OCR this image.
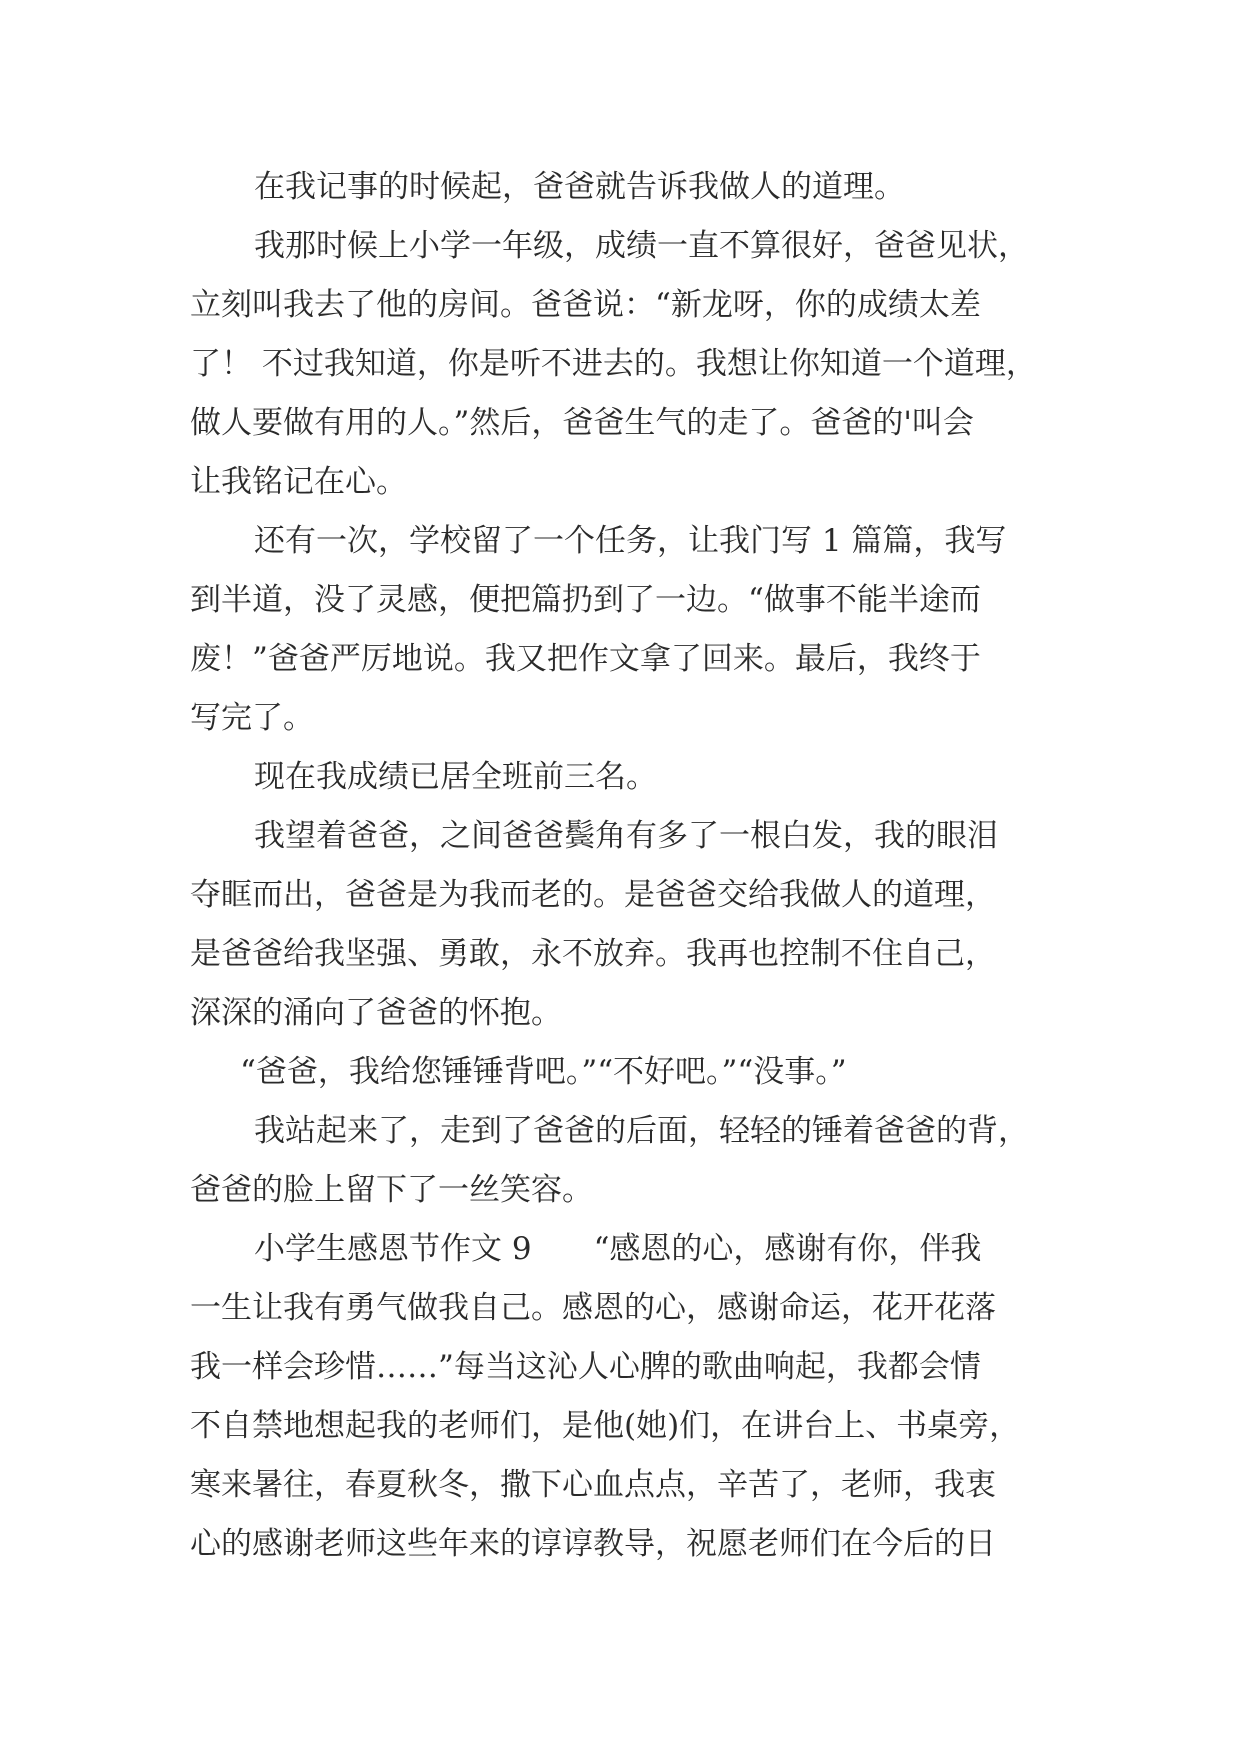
在我记事的时候起，爸爸就告诉我做人的道理。
我那时候上小学一年级，成绩一直不算很好，爸爸见状，
立刻叫我去了他的房间。爸爸说：“新龙呀，你的成绩太差
了！ 不过我知道，你是听不进去的。我想让你知道一个道理，
做人要做有用的人。”然后，爸爸生气的走了。爸爸的'叫会
让我铭记在心。
还有一次，学校留了一个任务，让我门写 1 篇篇，我写
到半道，没了灵感，便把篇扔到了一边。“做事不能半途而
废！”爸爸严厉地说。我又把作文拿了回来。最后，我终于
写完了。
现在我成绩已居全班前三名。
我望着爸爸，之间爸爸鬓角有多了一根白发，我的眼泪
夺眶而出，爸爸是为我而老的。是爸爸交给我做人的道理，
是爸爸给我坚强、勇敢，永不放弃。我再也控制不住自己，
深深的涌向了爸爸的怀抱。
“爸爸，我给您锤锤背吧。”“不好吧。”“没事。”
我站起来了，走到了爸爸的后面，轻轻的锤着爸爸的背，
爸爸的脸上留下了一丝笑容。
小学生感恩节作文 9　　“感恩的心，感谢有你，伴我
一生让我有勇气做我自己。感恩的心，感谢命运，花开花落
我一样会珍惜……”每当这沁人心脾的歌曲响起，我都会情
不自禁地想起我的老师们，是他(她)们，在讲台上、书桌旁，
寒来暑往，春夏秋冬，撒下心血点点，辛苦了，老师，我衷
心的感谢老师这些年来的谆谆教导，祝愿老师们在今后的日
